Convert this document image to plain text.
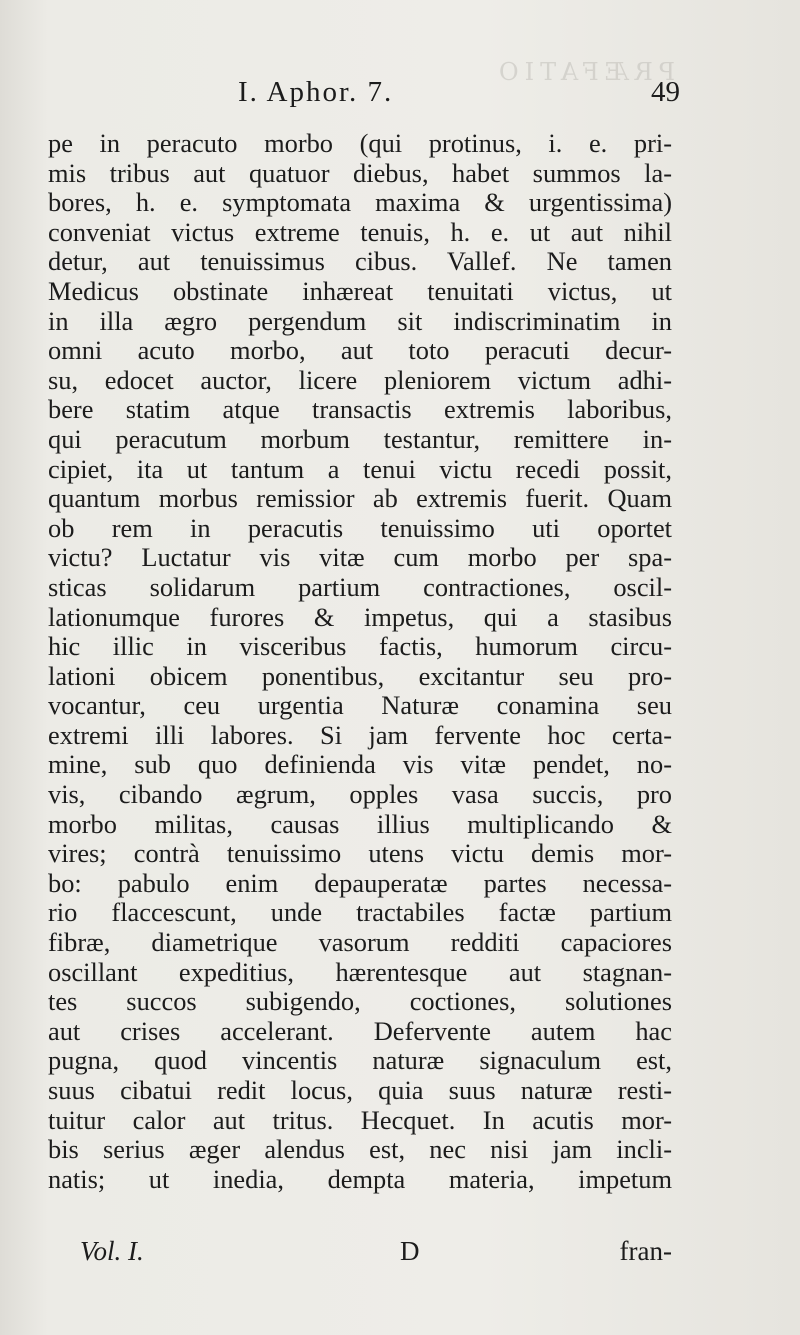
PRÆFATIO
I. Aphor. 7.	49
pe in peracuto morbo (qui protinus, i. e. pri-
mis tribus aut quatuor diebus, habet summos la-
bores, h. e. symptomata maxima & urgentissima)
conveniat victus extreme tenuis, h. e. ut aut nihil
detur, aut tenuissimus cibus. Vallef. Ne tamen
Medicus obstinate inhæreat tenuitati victus, ut
in illa ægro pergendum sit indiscriminatim in
omni acuto morbo, aut toto peracuti decur-
su, edocet auctor, licere pleniorem victum adhi-
bere statim atque transactis extremis laboribus,
qui peracutum morbum testantur, remittere in-
cipiet, ita ut tantum a tenui victu recedi possit,
quantum morbus remissior ab extremis fuerit. Quam
ob rem in peracutis tenuissimo uti oportet
victu? Luctatur vis vitæ cum morbo per spa-
sticas solidarum partium contractiones, oscil-
lationumque furores & impetus, qui a stasibus
hic illic in visceribus factis, humorum circu-
lationi obicem ponentibus, excitantur seu pro-
vocantur, ceu urgentia Naturæ conamina seu
extremi illi labores. Si jam fervente hoc certa-
mine, sub quo definienda vis vitæ pendet, no-
vis, cibando ægrum, opples vasa succis, pro
morbo militas, causas illius multiplicando &
vires; contrà tenuissimo utens victu demis mor-
bo: pabulo enim depauperatæ partes necessa-
rio flaccescunt, unde tractabiles factæ partium
fibræ, diametrique vasorum redditi capaciores
oscillant expeditius, hærentesque aut stagnan-
tes succos subigendo, coctiones, solutiones
aut crises accelerant. Defervente autem hac
pugna, quod vincentis naturæ signaculum est,
suus cibatui redit locus, quia suus naturæ resti-
tuitur calor aut tritus. Hecquet. In acutis mor-
bis serius æger alendus est, nec nisi jam incli-
natis; ut inedia, dempta materia, impetum
Vol. I.	D	fran-
